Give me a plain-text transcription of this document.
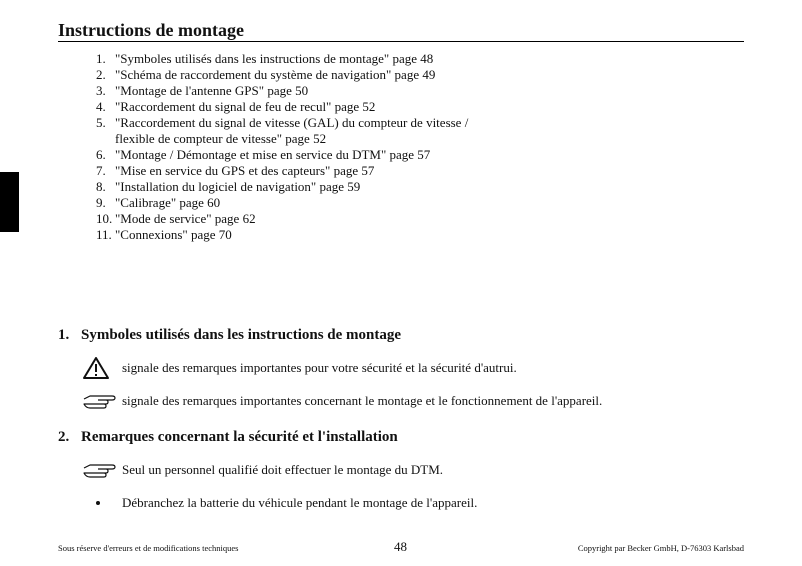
Instructions de montage
1. "Symboles utilisés dans les instructions de montage" page 48
2. "Schéma de raccordement du système de navigation" page 49
3. "Montage de l'antenne GPS" page 50
4. "Raccordement du signal de feu de recul" page 52
5. "Raccordement du signal de vitesse (GAL) du compteur de vitesse / flexible de compteur de vitesse" page 52
6. "Montage / Démontage et mise en service du DTM" page 57
7. "Mise en service du GPS et des capteurs" page 57
8. "Installation du logiciel de navigation" page 59
9. "Calibrage" page 60
10. "Mode de service" page 62
11. "Connexions" page 70
1. Symboles utilisés dans les instructions de montage
signale des remarques importantes pour votre sécurité et la sécurité d'autrui.
signale des remarques importantes concernant le montage et le fonctionnement de l'appareil.
2. Remarques concernant la sécurité et l'installation
Seul un personnel qualifié doit effectuer le montage du DTM.
Débranchez la batterie du véhicule pendant le montage de l'appareil.
Sous réserve d'erreurs et de modifications techniques	48	Copyright par Becker GmbH, D-76303 Karlsbad
